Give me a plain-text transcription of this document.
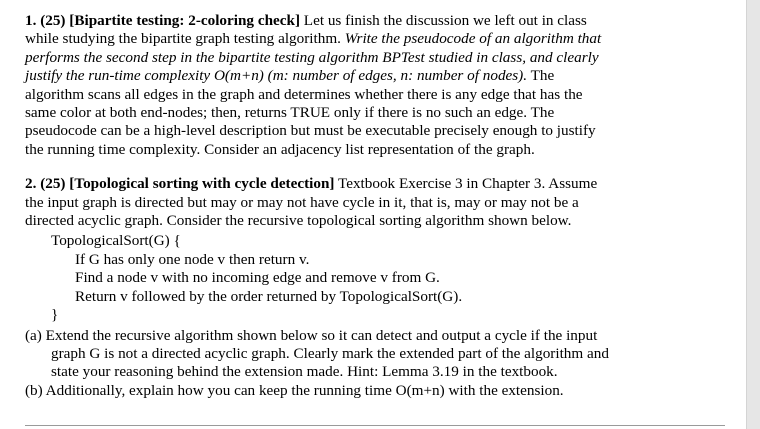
1. (25) [Bipartite testing: 2-coloring check] Let us finish the discussion we left out in class
while studying the bipartite graph testing algorithm. Write the pseudocode of an algorithm that
performs the second step in the bipartite testing algorithm BPTest studied in class, and clearly
justify the run-time complexity O(m+n) (m: number of edges, n: number of nodes). The
algorithm scans all edges in the graph and determines whether there is any edge that has the
same color at both end-nodes; then, returns TRUE only if there is no such an edge. The
pseudocode can be a high-level description but must be executable precisely enough to justify
the running time complexity. Consider an adjacency list representation of the graph.
2. (25) [Topological sorting with cycle detection] Textbook Exercise 3 in Chapter 3. Assume
the input graph is directed but may or may not have cycle in it, that is, may or may not be a
directed acyclic graph. Consider the recursive topological sorting algorithm shown below.
TopologicalSort(G) {
If G has only one node v then return v.
Find a node v with no incoming edge and remove v from G.
Return v followed by the order returned by TopologicalSort(G).
}
(a) Extend the recursive algorithm shown below so it can detect and output a cycle if the input
graph G is not a directed acyclic graph. Clearly mark the extended part of the algorithm and
state your reasoning behind the extension made. Hint: Lemma 3.19 in the textbook.
(b) Additionally, explain how you can keep the running time O(m+n) with the extension.
